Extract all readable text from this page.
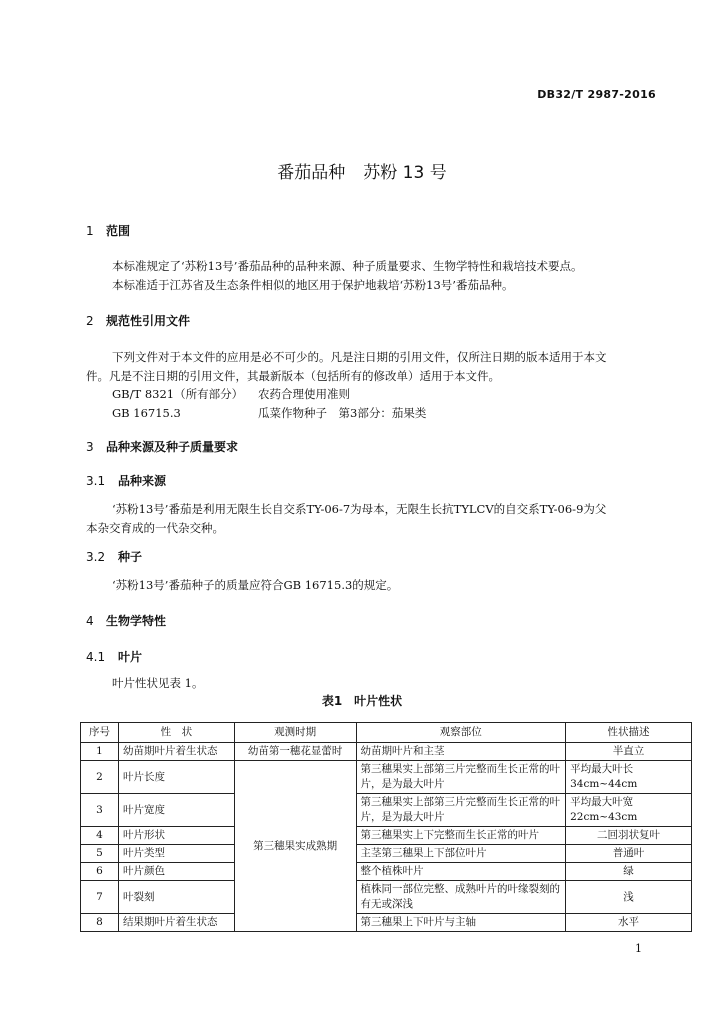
DB32/T 2987-2016
番茄品种 苏粉 13 号
1 范围
本标准规定了‘苏粉13号’番茄品种的品种来源、种子质量要求、生物学特性和栽培技术要点。
本标准适于江苏省及生态条件相似的地区用于保护地栽培‘苏粉13号’番茄品种。
2 规范性引用文件
下列文件对于本文件的应用是必不可少的。凡是注日期的引用文件，仅所注日期的版本适用于本文
件。凡是不注日期的引用文件，其最新版本（包括所有的修改单）适用于本文件。
GB/T 8321（所有部分） 农药合理使用准则
GB 16715.3	瓜菜作物种子　第3部分：茄果类
3 品种来源及种子质量要求
3.1 品种来源
‘苏粉13号’番茄是利用无限生长自交系TY-06-7为母本，无限生长抗TYLCV的自交系TY-06-9为父
本杂交育成的一代杂交种。
3.2 种子
‘苏粉13号’番茄种子的质量应符合GB 16715.3的规定。
4 生物学特性
4.1 叶片
叶片性状见表 1。
表1　叶片性状
序号	性　状	观测时期	观察部位	性状描述
1	幼苗期叶片着生状态	幼苗第一穗花显蕾时	幼苗期叶片和主茎	半直立
2	叶片长度	第三穗果实成熟期	第三穗果实上部第三片完整而生长正常的叶片，是为最大叶片	平均最大叶长34cm~44cm
3	叶片宽度		第三穗果实上部第三片完整而生长正常的叶片，是为最大叶片	平均最大叶宽22cm~43cm
4	叶片形状		第三穗果实上下完整而生长正常的叶片	二回羽状复叶
5	叶片类型		主茎第三穗果上下部位叶片	普通叶
6	叶片颜色		整个植株叶片	绿
7	叶裂刻		植株同一部位完整、成熟叶片的叶缘裂刻的有无或深浅	浅
8	结果期叶片着生状态		第三穗果上下叶片与主轴	水平
1
